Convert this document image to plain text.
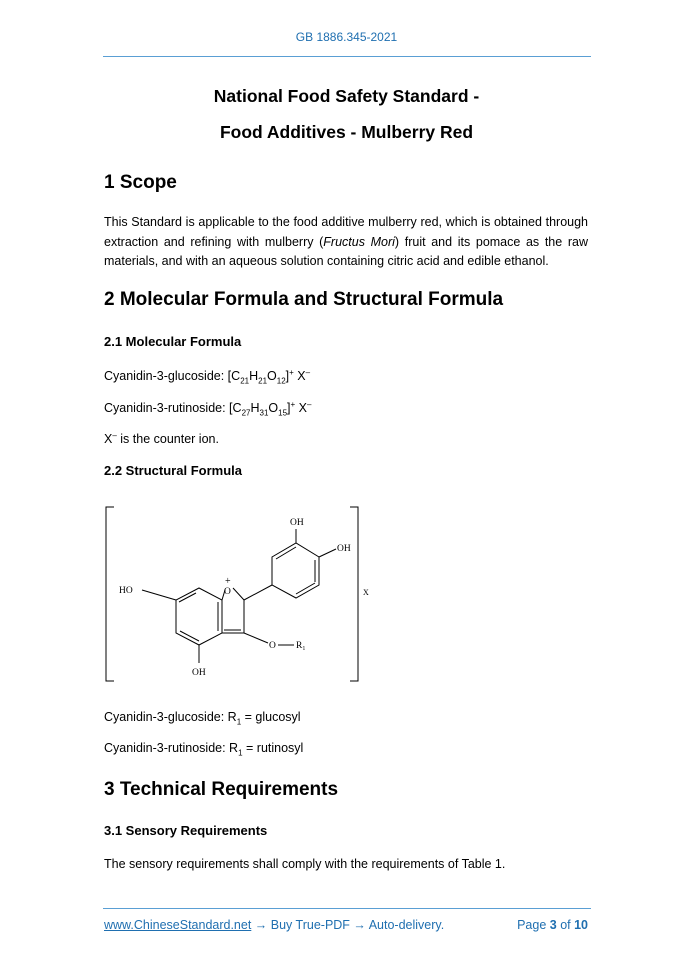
GB 1886.345-2021
National Food Safety Standard -
Food Additives - Mulberry Red
1 Scope
This Standard is applicable to the food additive mulberry red, which is obtained through extraction and refining with mulberry (Fructus Mori) fruit and its pomace as the raw materials, and with an aqueous solution containing citric acid and edible ethanol.
2 Molecular Formula and Structural Formula
2.1 Molecular Formula
Cyanidin-3-glucoside: $[C_{21}H_{21}O_{12}]^+$ X–
Cyanidin-3-rutinoside: $[C_{27}H_{31}O_{15}]^+$ X–
X– is the counter ion.
2.2 Structural Formula
OH
OH
HO
+
O
O $R_1$
OH
X
Cyanidin-3-glucoside: $R_1$ = glucosyl
Cyanidin-3-rutinoside: $R_1$ = rutinosyl
3 Technical Requirements
3.1 Sensory Requirements
The sensory requirements shall comply with the requirements of Table 1.
www.ChineseStandard.net → Buy True-PDF → Auto-delivery.	Page 3 of 10
